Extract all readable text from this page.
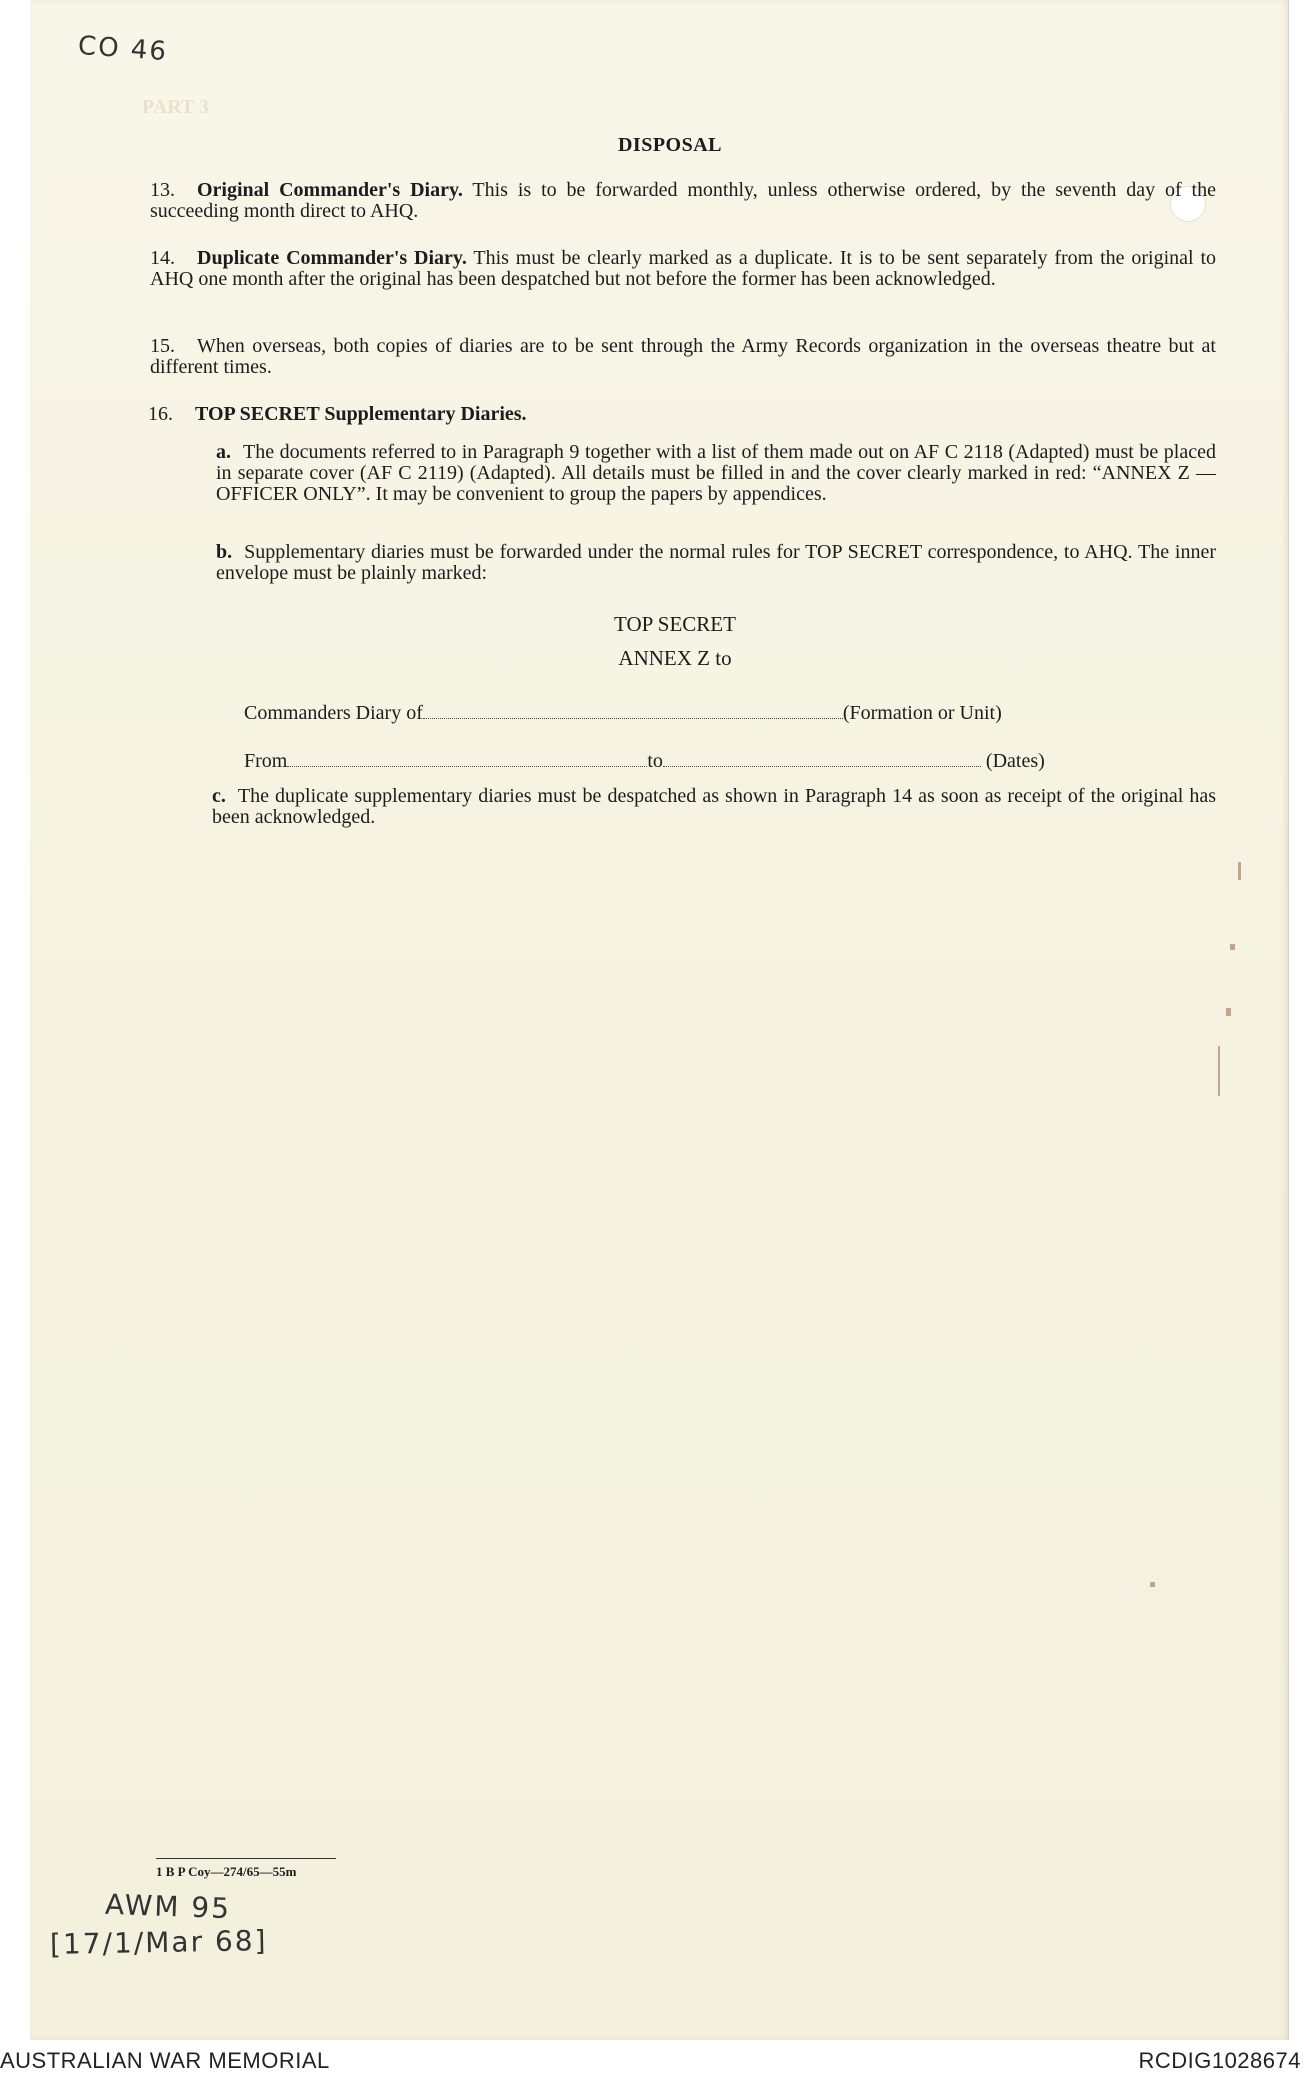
CO 46
PART 3
DISPOSAL
13. Original Commander's Diary. This is to be forwarded monthly, unless otherwise ordered, by the seventh day of the succeeding month direct to AHQ.
14. Duplicate Commander's Diary. This must be clearly marked as a duplicate. It is to be sent separately from the original to AHQ one month after the original has been despatched but not before the former has been acknowledged.
15. When overseas, both copies of diaries are to be sent through the Army Records organization in the overseas theatre but at different times.
16. TOP SECRET Supplementary Diaries.
a. The documents referred to in Paragraph 9 together with a list of them made out on AF C 2118 (Adapted) must be placed in separate cover (AF C 2119) (Adapted). All details must be filled in and the cover clearly marked in red: “ANNEX Z — OFFICER ONLY”. It may be convenient to group the papers by appendices.
b. Supplementary diaries must be forwarded under the normal rules for TOP SECRET correspondence, to AHQ. The inner envelope must be plainly marked:
TOP SECRET
ANNEX Z to
Commanders Diary of	(Formation or Unit)
From	to	(Dates)
c. The duplicate supplementary diaries must be despatched as shown in Paragraph 14 as soon as receipt of the original has been acknowledged.
1 B P Coy—274/65—55m
AWM 95
[17/1/Mar 68]
AUSTRALIAN WAR MEMORIAL	RCDIG1028674
